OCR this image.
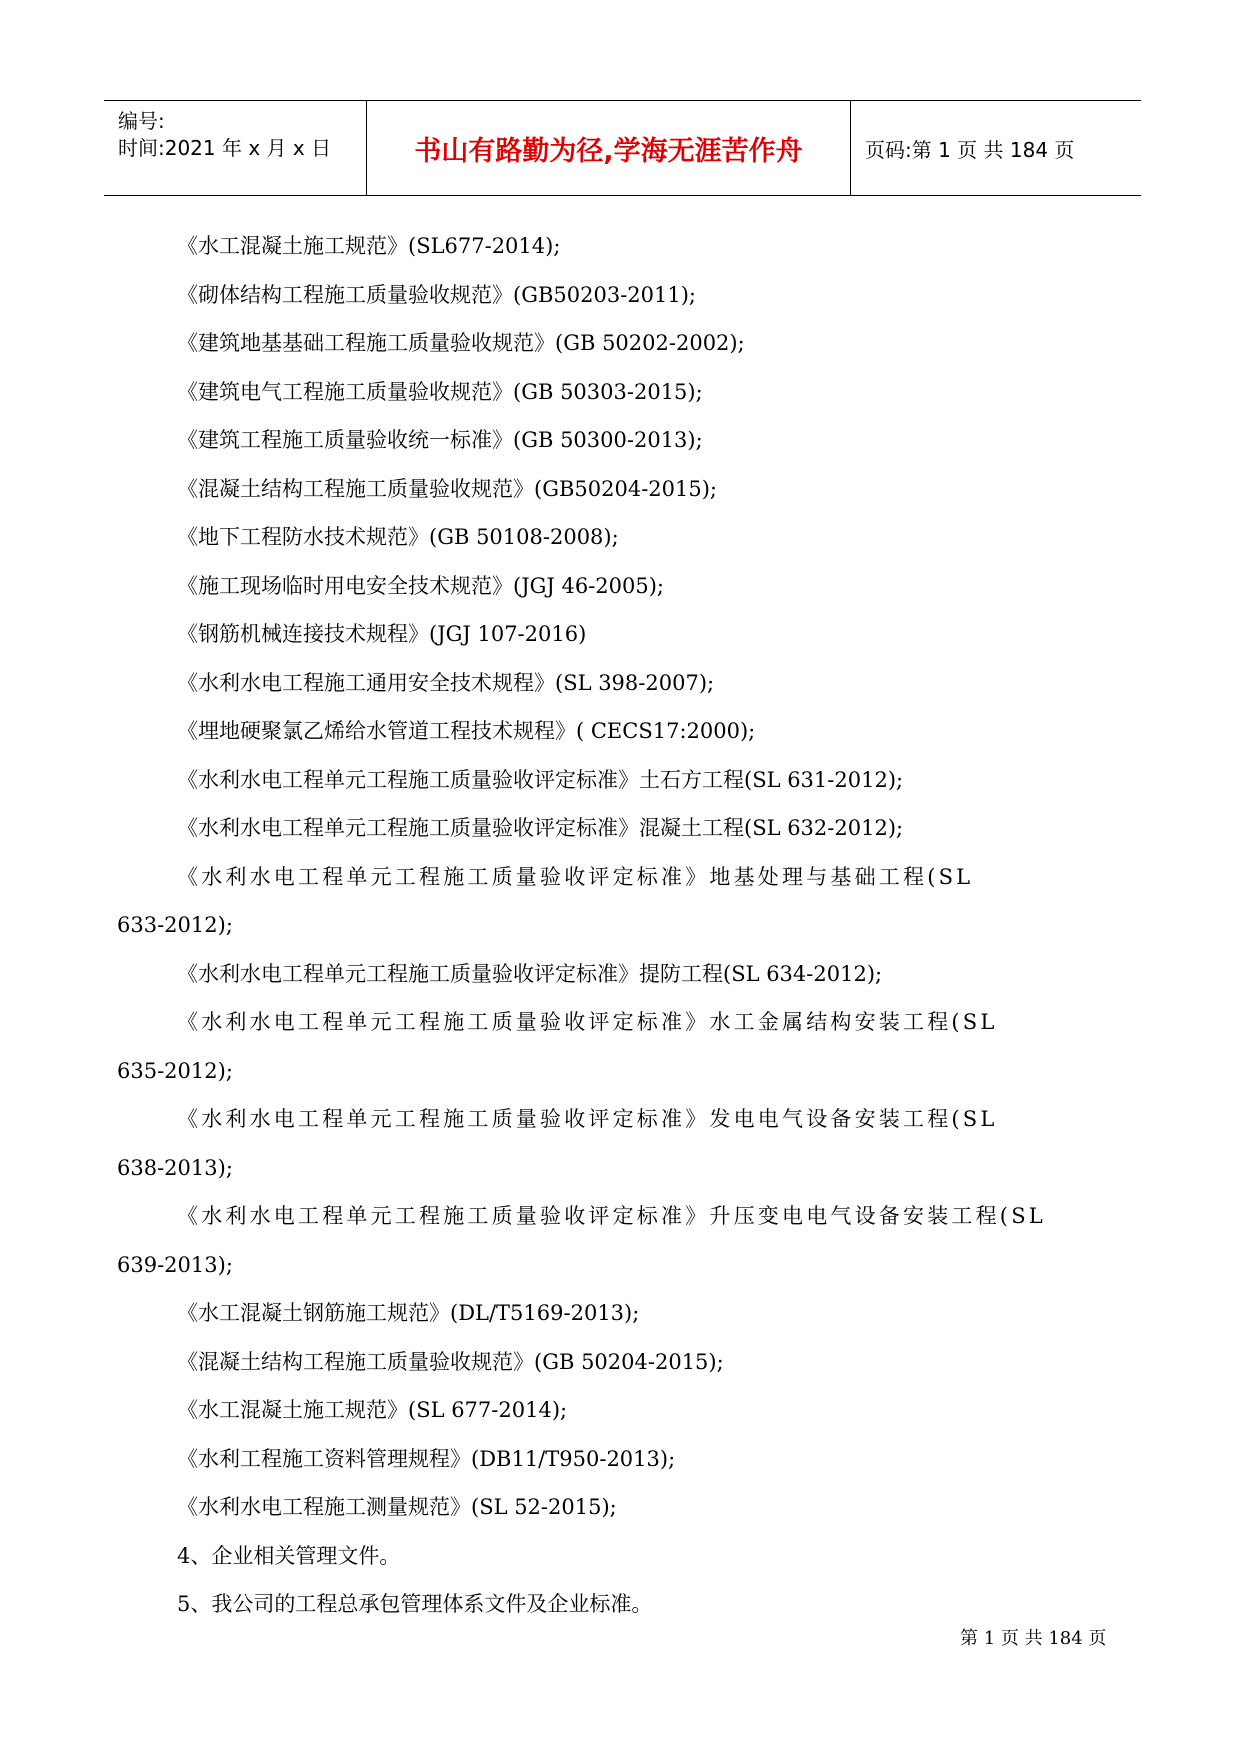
编号:
时间:2021 年 x 月 x 日	书山有路勤为径,学海无涯苦作舟	页码:第 1 页 共 184 页
《水工混凝土施工规范》(SL677-2014);
《砌体结构工程施工质量验收规范》(GB50203-2011);
《建筑地基基础工程施工质量验收规范》(GB 50202-2002);
《建筑电气工程施工质量验收规范》(GB 50303-2015);
《建筑工程施工质量验收统一标准》(GB 50300-2013);
《混凝土结构工程施工质量验收规范》(GB50204-2015);
《地下工程防水技术规范》(GB 50108-2008);
《施工现场临时用电安全技术规范》(JGJ 46-2005);
《钢筋机械连接技术规程》(JGJ 107-2016)
《水利水电工程施工通用安全技术规程》(SL 398-2007);
《埋地硬聚氯乙烯给水管道工程技术规程》( CECS17:2000);
《水利水电工程单元工程施工质量验收评定标准》土石方工程(SL 631-2012);
《水利水电工程单元工程施工质量验收评定标准》混凝土工程(SL 632-2012);
《水利水电工程单元工程施工质量验收评定标准》地基处理与基础工程(SL
633-2012);
《水利水电工程单元工程施工质量验收评定标准》提防工程(SL 634-2012);
《水利水电工程单元工程施工质量验收评定标准》水工金属结构安装工程(SL
635-2012);
《水利水电工程单元工程施工质量验收评定标准》发电电气设备安装工程(SL
638-2013);
《水利水电工程单元工程施工质量验收评定标准》升压变电电气设备安装工程(SL
639-2013);
《水工混凝土钢筋施工规范》(DL/T5169-2013);
《混凝土结构工程施工质量验收规范》(GB 50204-2015);
《水工混凝土施工规范》(SL 677-2014);
《水利工程施工资料管理规程》(DB11/T950-2013);
《水利水电工程施工测量规范》(SL 52-2015);
4、企业相关管理文件。
5、我公司的工程总承包管理体系文件及企业标准。
第 1 页 共 184 页
